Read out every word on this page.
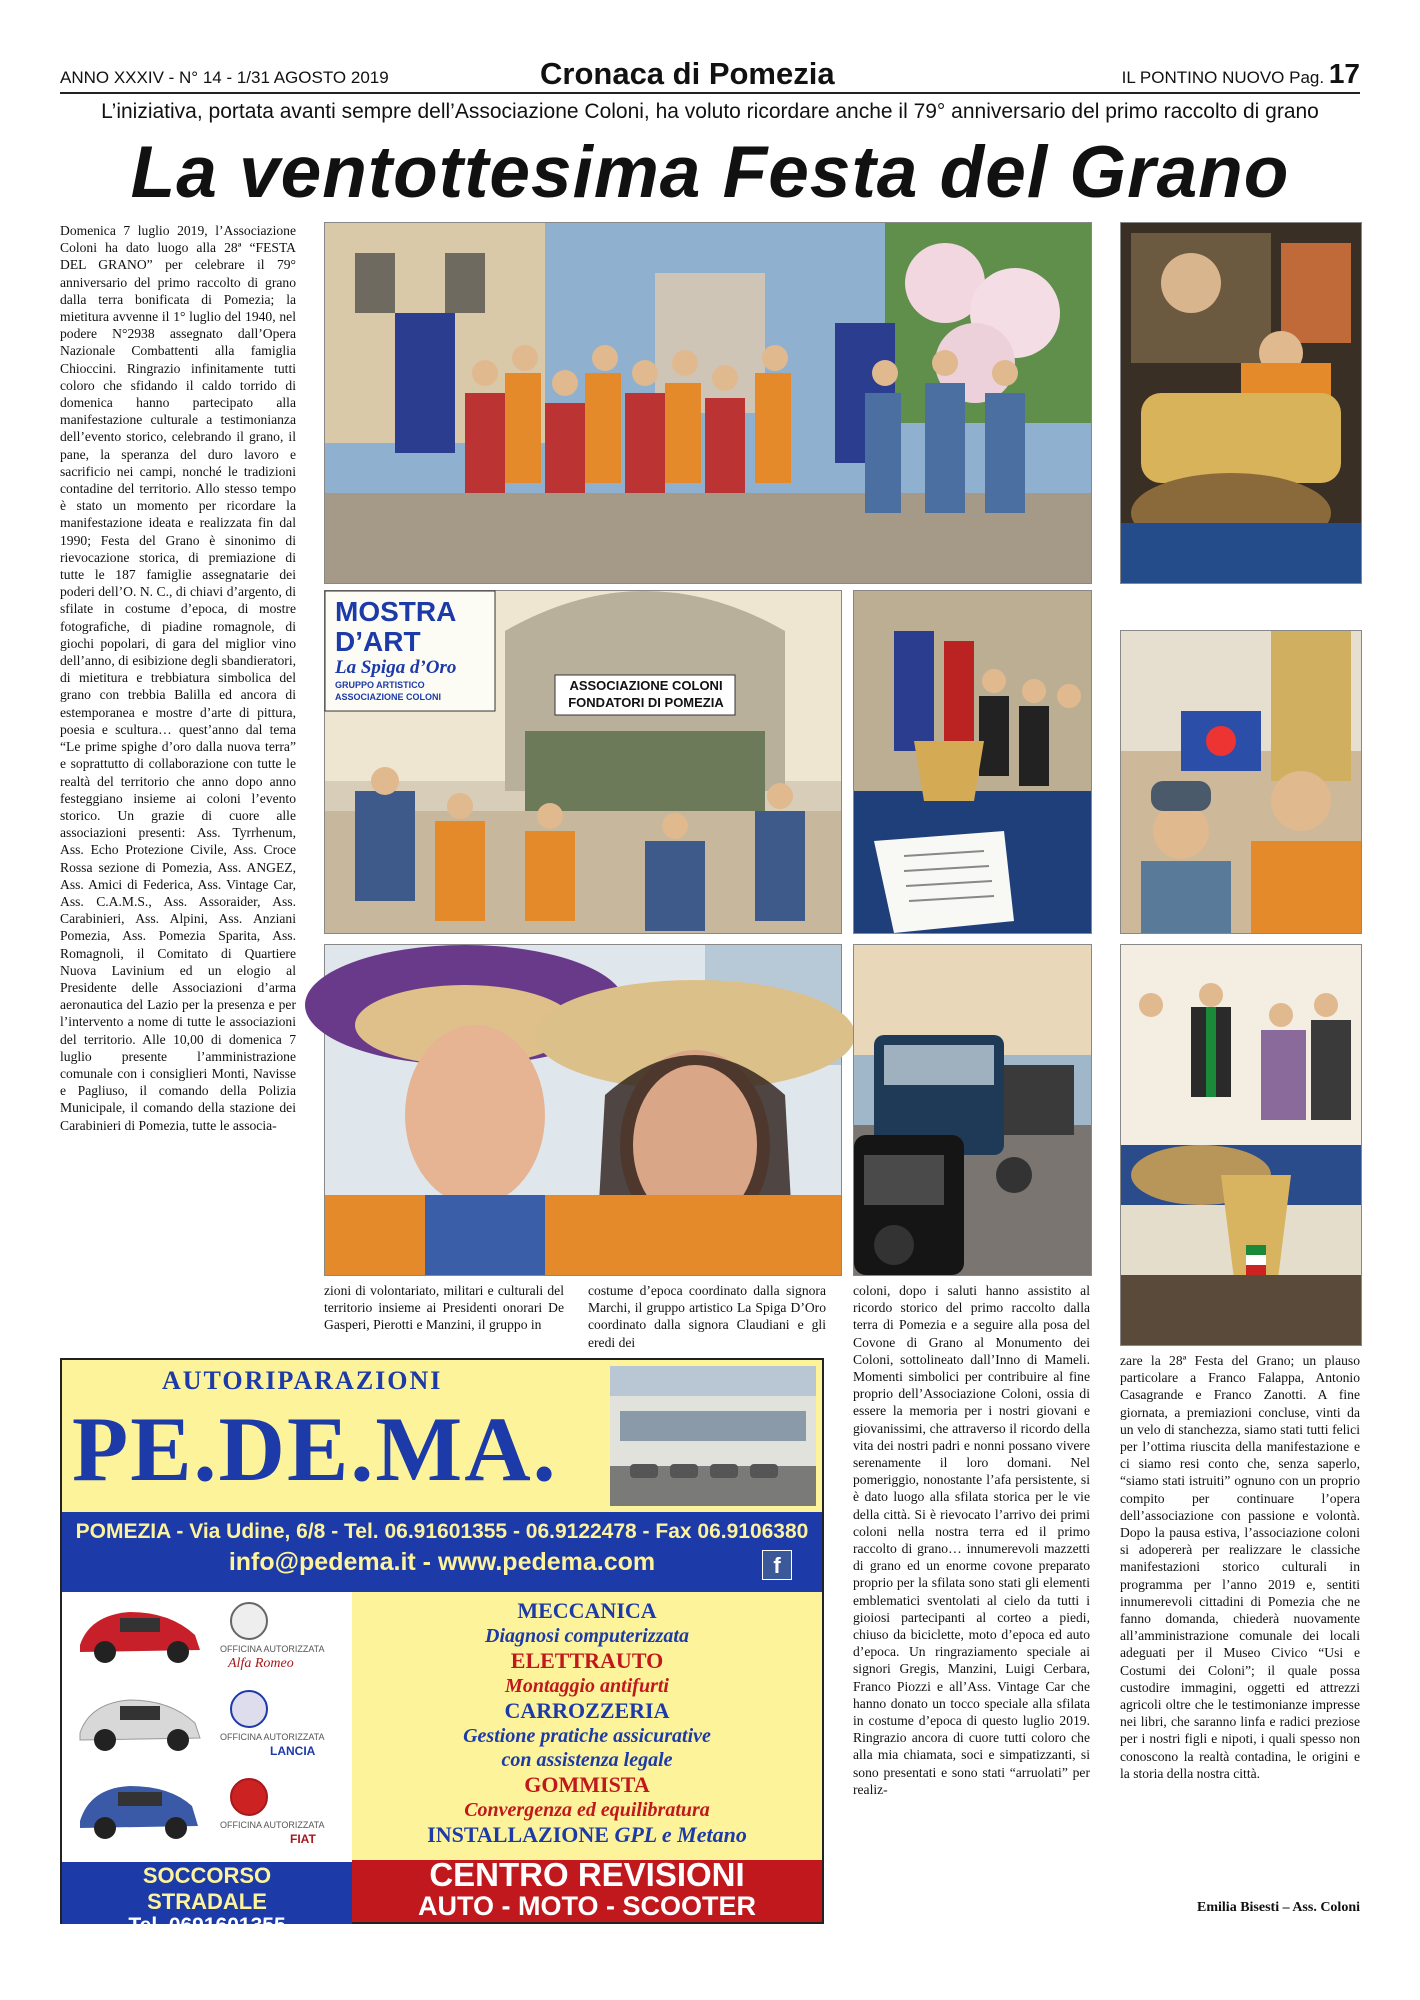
ANNO XXXIV - N° 14 - 1/31 AGOSTO 2019	Cronaca di Pomezia	IL PONTINO NUOVO Pag. 17
L’iniziativa, portata avanti sempre dell’Associazione Coloni, ha voluto ricordare anche il 79° anniversario del primo raccolto di grano
La ventottesima Festa del Grano

Domenica 7 luglio 2019, l’Associazione Coloni ha dato luogo alla 28ª “FESTA DEL GRANO” per celebrare il 79° anniversario del primo raccolto di grano dalla terra bonificata di Pomezia; la mietitura avvenne il 1° luglio del 1940, nel podere N°2938 assegnato dall’Opera Nazionale Combattenti alla famiglia Chioccini. Ringrazio infinitamente tutti coloro che sfidando il caldo torrido di domenica hanno partecipato alla manifestazione culturale a testimonianza dell’evento storico, celebrando il grano, il pane, la speranza del duro lavoro e sacrificio nei campi, nonché le tradizioni contadine del territorio. Allo stesso tempo è stato un momento per ricordare la manifestazione ideata e realizzata fin dal 1990; Festa del Grano è sinonimo di rievocazione storica, di premiazione di tutte le 187 famiglie assegnatarie dei poderi dell’O. N. C., di chiavi d’argento, di sfilate in costume d’epoca, di mostre fotografiche, di piadine romagnole, di giochi popolari, di gara del miglior vino dell’anno, di esibizione degli sbandieratori, di mietitura e trebbiatura simbolica del grano con trebbia Balilla ed ancora di estemporanea e mostre d’arte di pittura, poesia e scultura… quest’anno dal tema “Le prime spighe d’oro dalla nuova terra” e soprattutto di collaborazione con tutte le realtà del territorio che anno dopo anno festeggiano insieme ai coloni l’evento storico. Un grazie di cuore alle associazioni presenti: Ass. Tyrrhenum, Ass. Echo Protezione Civile, Ass. Croce Rossa sezione di Pomezia, Ass. ANGEZ, Ass. Amici di Federica, Ass. Vintage Car, Ass. C.A.M.S., Ass. Assoraider, Ass. Carabinieri, Ass. Alpini, Ass. Anziani Pomezia, Ass. Pomezia Sparita, Ass. Romagnoli, il Comitato di Quartiere Nuova Lavinium ed un elogio al Presidente delle Associazioni d’arma aeronautica del Lazio per la presenza e per l’intervento a nome di tutte le associazioni del territorio. Alle 10,00 di domenica 7 luglio presente l’amministrazione comunale con i consiglieri Monti, Navisse e Pagliuso, il comando della Polizia Municipale, il comando della stazione dei Carabinieri di Pomezia, tutte le associa-

MOSTRA D’ART
La Spiga d’Oro
GRUPPO ARTISTICO ASSOCIAZIONE COLONI
ASSOCIAZIONE COLONI
FONDATORI DI POMEZIA

zioni di volontariato, militari e culturali del territorio insieme ai Presidenti onorari De Gasperi, Pierotti e Manzini, il gruppo in

costume d’epoca coordinato dalla signora Marchi, il gruppo artistico La Spiga D’Oro coordinato dalla signora Claudiani e gli eredi dei

coloni, dopo i saluti hanno assistito al ricordo storico del primo raccolto dalla terra di Pomezia e a seguire alla posa del Covone di Grano al Monumento dei Coloni, sottolineato dall’Inno di Mameli. Momenti simbolici per contribuire al fine proprio dell’Associazione Coloni, ossia di essere la memoria per i nostri giovani e giovanissimi, che attraverso il ricordo della vita dei nostri padri e nonni possano vivere serenamente il loro domani. Nel pomeriggio, nonostante l’afa persistente, si è dato luogo alla sfilata storica per le vie della città. Si è rievocato l’arrivo dei primi coloni nella nostra terra ed il primo raccolto di grano… innumerevoli mazzetti di grano ed un enorme covone preparato proprio per la sfilata sono stati gli elementi emblematici sventolati al cielo da tutti i gioiosi partecipanti al corteo a piedi, chiuso da biciclette, moto d’epoca ed auto d’epoca. Un ringraziamento speciale ai signori Gregis, Manzini, Luigi Cerbara, Franco Piozzi e all’Ass. Vintage Car che hanno donato un tocco speciale alla sfilata in costume d’epoca di questo luglio 2019. Ringrazio ancora di cuore tutti coloro che alla mia chiamata, soci e simpatizzanti, si sono presentati e sono stati “arruolati” per realiz-

zare la 28ª Festa del Grano; un plauso particolare a Franco Falappa, Antonio Casagrande e Franco Zanotti. A fine giornata, a premiazioni concluse, vinti da un velo di stanchezza, siamo stati tutti felici per l’ottima riuscita della manifestazione e ci siamo resi conto che, senza saperlo, “siamo stati istruiti” ognuno con un proprio compito per continuare l’opera dell’associazione con passione e volontà. Dopo la pausa estiva, l’associazione coloni si adopererà per realizzare le classiche manifestazioni storico culturali in programma per l’anno 2019 e, sentiti innumerevoli cittadini di Pomezia che ne fanno domanda, chiederà nuovamente all’amministrazione comunale dei locali adeguati per il Museo Civico “Usi e Costumi dei Coloni”; il quale possa custodire immagini, oggetti ed attrezzi agricoli oltre che le testimonianze impresse nei libri, che saranno linfa e radici preziose per i nostri figli e nipoti, i quali spesso non conoscono la realtà contadina, le origini e la storia della nostra città.

Emilia Bisesti – Ass. Coloni
AUTORIPARAZIONI
PE.DE.MA.
POMEZIA - Via Udine, 6/8 - Tel. 06.91601355 - 06.9122478 - Fax 06.9106380
info@pedema.it - www.pedema.com	f
OFFICINA AUTORIZZATA
Alfa Romeo
OFFICINA AUTORIZZATA
LANCIA
OFFICINA AUTORIZZATA
FIAT
MECCANICA
Diagnosi computerizzata
ELETTRAUTO
Montaggio antifurti
CARROZZERIA
Gestione pratiche assicurative
con assistenza legale
GOMMISTA
Convergenza ed equilibratura
INSTALLAZIONE GPL e Metano
SOCCORSO
STRADALE
Tel. 0691601355
CENTRO REVISIONI
AUTO - MOTO - SCOOTER
